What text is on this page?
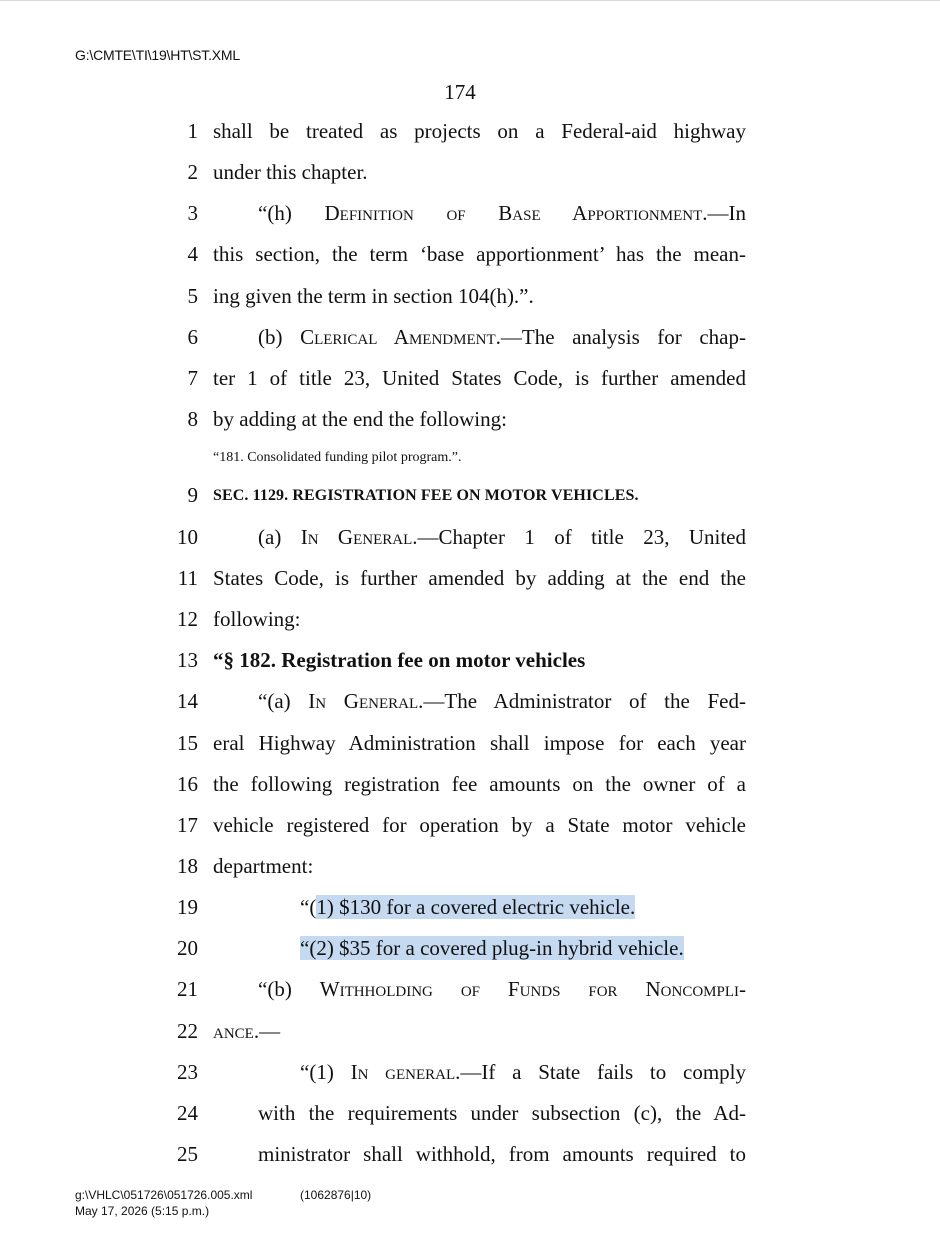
G:\CMTE\TI\19\HT\ST.XML
174
1 shall be treated as projects on a Federal-aid highway
2 under this chapter.
3	“(h) Definition of Base Apportionment.—In
4 this section, the term ‘base apportionment’ has the mean-
5 ing given the term in section 104(h).”.
6	(b) Clerical Amendment.—The analysis for chap-
7 ter 1 of title 23, United States Code, is further amended
8 by adding at the end the following:
“181. Consolidated funding pilot program.”.
9 SEC. 1129. REGISTRATION FEE ON MOTOR VEHICLES.
10	(a) In General.—Chapter 1 of title 23, United
11 States Code, is further amended by adding at the end the
12 following:
13 “§ 182. Registration fee on motor vehicles
14	“(a) In General.—The Administrator of the Fed-
15 eral Highway Administration shall impose for each year
16 the following registration fee amounts on the owner of a
17 vehicle registered for operation by a State motor vehicle
18 department:
19	“(1) $130 for a covered electric vehicle.
20	“(2) $35 for a covered plug-in hybrid vehicle.
21	“(b) Withholding of Funds for Noncompli-
22 ance.—
23	“(1) In general.—If a State fails to comply
24	with the requirements under subsection (c), the Ad-
25	ministrator shall withhold, from amounts required to
g:\VHLC\051726\051726.005.xml	(1062876|10)
May 17, 2026 (5:15 p.m.)
